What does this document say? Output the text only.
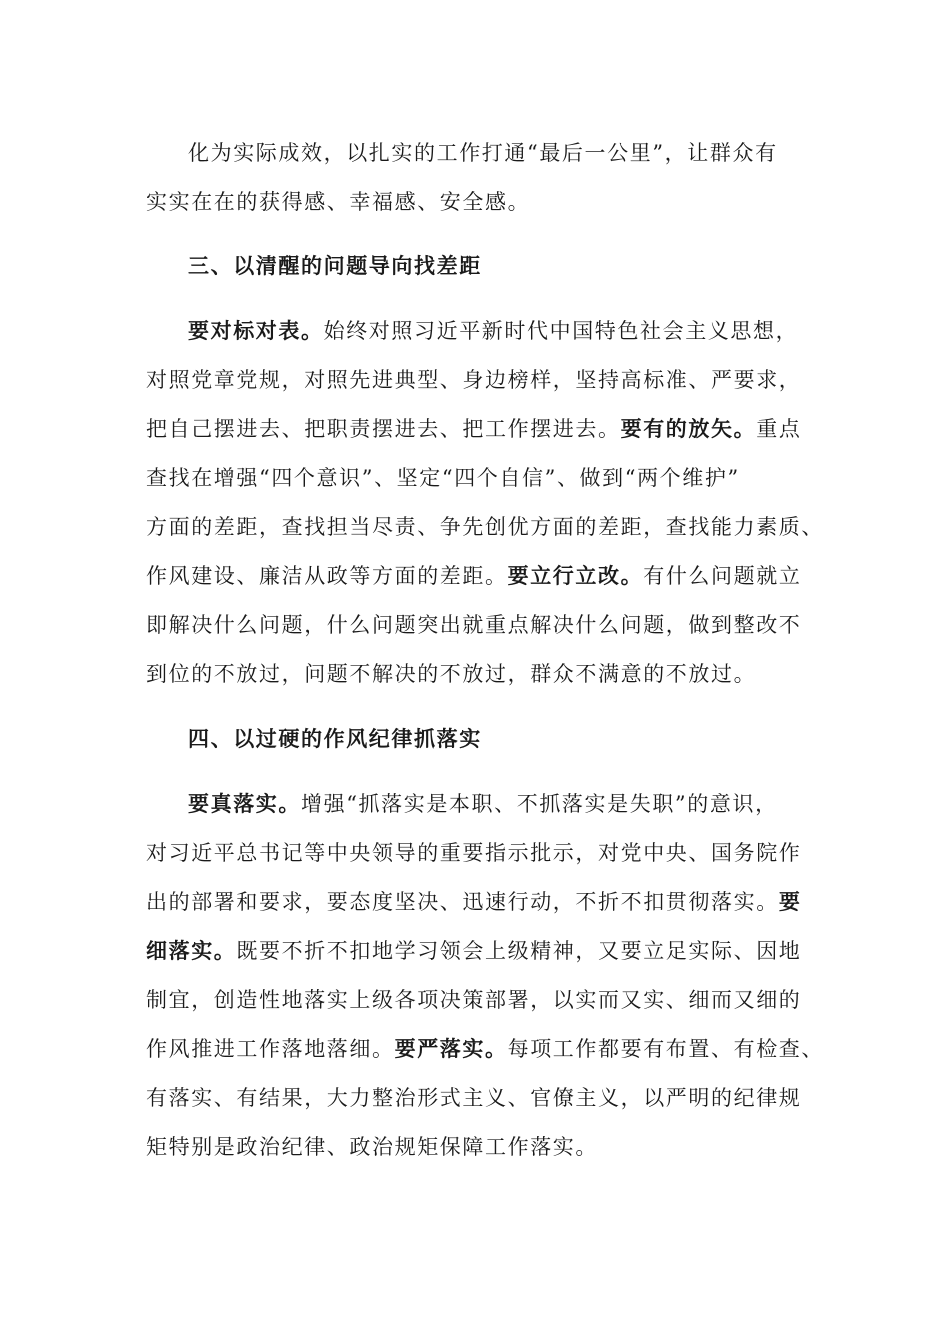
化为实际成效，以扎实的工作打通“最后一公里”，让群众有
实实在在的获得感、幸福感、安全感。
三、以清醒的问题导向找差距
要对标对表。始终对照习近平新时代中国特色社会主义思想，
对照党章党规，对照先进典型、身边榜样，坚持高标准、严要求，
把自己摆进去、把职责摆进去、把工作摆进去。要有的放矢。重点
查找在增强“四个意识”、坚定“四个自信”、做到“两个维护”
方面的差距，查找担当尽责、争先创优方面的差距，查找能力素质、
作风建设、廉洁从政等方面的差距。要立行立改。有什么问题就立
即解决什么问题，什么问题突出就重点解决什么问题，做到整改不
到位的不放过，问题不解决的不放过，群众不满意的不放过。
四、以过硬的作风纪律抓落实
要真落实。增强“抓落实是本职、不抓落实是失职”的意识，
对习近平总书记等中央领导的重要指示批示，对党中央、国务院作
出的部署和要求，要态度坚决、迅速行动，不折不扣贯彻落实。要
细落实。既要不折不扣地学习领会上级精神，又要立足实际、因地
制宜，创造性地落实上级各项决策部署，以实而又实、细而又细的
作风推进工作落地落细。要严落实。每项工作都要有布置、有检查、
有落实、有结果，大力整治形式主义、官僚主义，以严明的纪律规
矩特别是政治纪律、政治规矩保障工作落实。
